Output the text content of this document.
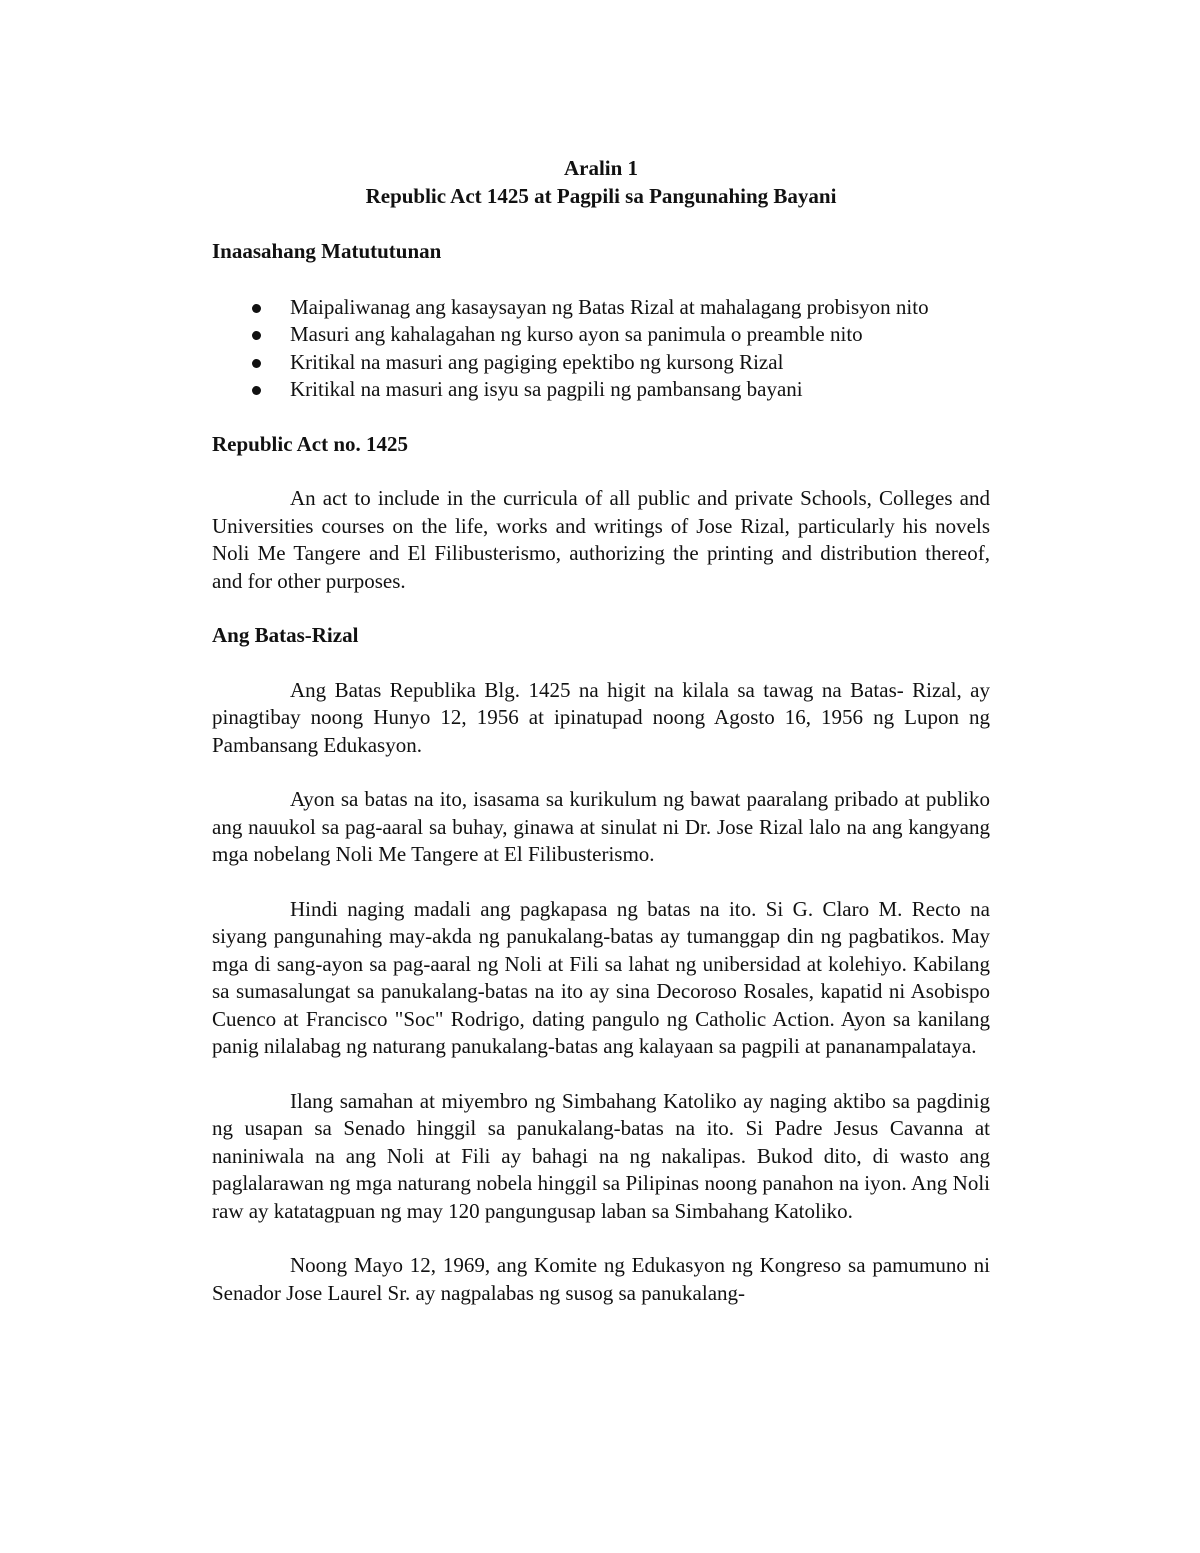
Aralin 1
Republic Act 1425 at Pagpili sa Pangunahing Bayani
Inaasahang Matututunan
Maipaliwanag ang kasaysayan ng Batas Rizal at mahalagang probisyon nito
Masuri ang kahalagahan ng kurso ayon sa panimula o preamble nito
Kritikal na masuri ang pagiging epektibo ng kursong Rizal
Kritikal na masuri ang isyu sa pagpili ng pambansang bayani
Republic Act no. 1425

An act to include in the curricula of all public and private Schools, Colleges and Universities courses on the life, works and writings of Jose Rizal, particularly his novels Noli Me Tangere and El Filibusterismo, authorizing the printing and distribution thereof, and for other purposes.

Ang Batas-Rizal

Ang Batas Republika Blg. 1425 na higit na kilala sa tawag na Batas- Rizal, ay pinagtibay noong Hunyo 12, 1956 at ipinatupad noong Agosto 16, 1956 ng Lupon ng Pambansang Edukasyon.

Ayon sa batas na ito, isasama sa kurikulum ng bawat paaralang pribado at publiko ang nauukol sa pag-aaral sa buhay, ginawa at sinulat ni Dr. Jose Rizal lalo na ang kangyang mga nobelang Noli Me Tangere at El Filibusterismo.

Hindi naging madali ang pagkapasa ng batas na ito. Si G. Claro M. Recto na siyang pangunahing may-akda ng panukalang-batas ay tumanggap din ng pagbatikos. May mga di sang-ayon sa pag-aaral ng Noli at Fili sa lahat ng unibersidad at kolehiyo. Kabilang sa sumasalungat sa panukalang-batas na ito ay sina Decoroso Rosales, kapatid ni Asobispo Cuenco at Francisco "Soc" Rodrigo, dating pangulo ng Catholic Action. Ayon sa kanilang panig nilalabag ng naturang panukalang-batas ang kalayaan sa pagpili at pananampalataya.

Ilang samahan at miyembro ng Simbahang Katoliko ay naging aktibo sa pagdinig ng usapan sa Senado hinggil sa panukalang-batas na ito. Si Padre Jesus Cavanna at naniniwala na ang Noli at Fili ay bahagi na ng nakalipas. Bukod dito, di wasto ang paglalarawan ng mga naturang nobela hinggil sa Pilipinas noong panahon na iyon. Ang Noli raw ay katatagpuan ng may 120 pangungusap laban sa Simbahang Katoliko.

Noong Mayo 12, 1969, ang Komite ng Edukasyon ng Kongreso sa pamumuno ni Senador Jose Laurel Sr. ay nagpalabas ng susog sa panukalang-
